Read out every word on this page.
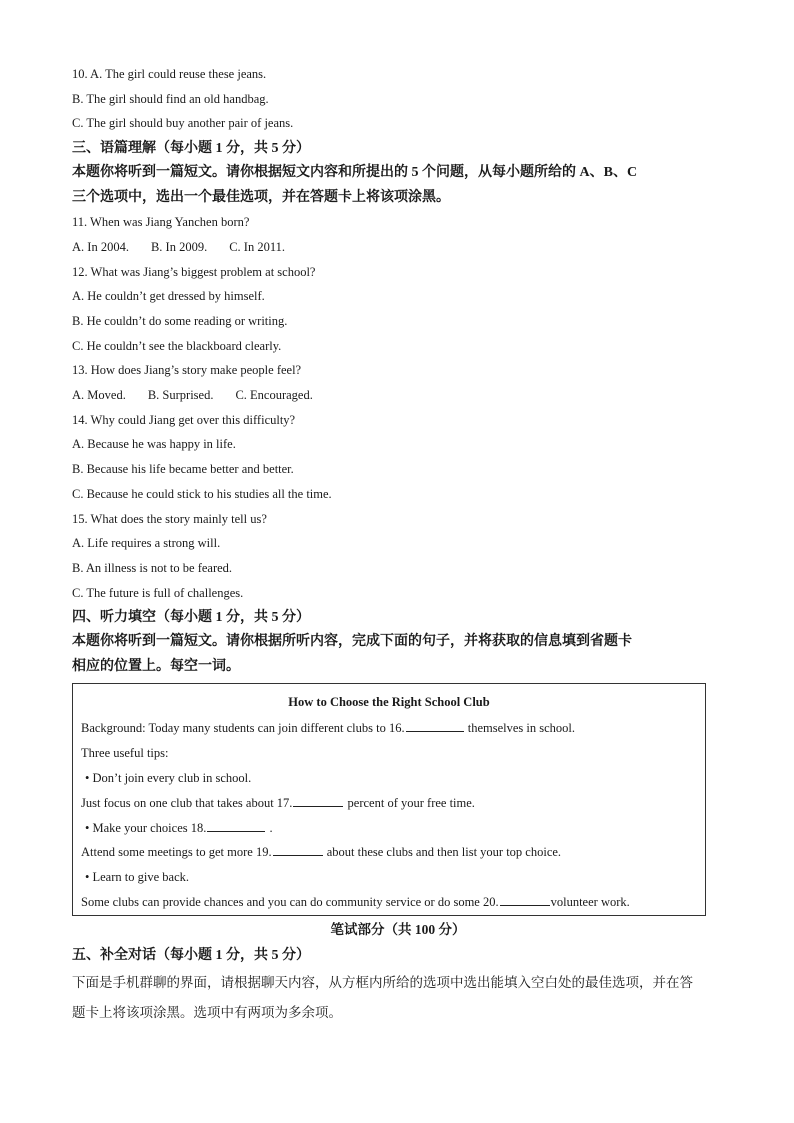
10. A. The girl could reuse these jeans.
B. The girl should find an old handbag.
C. The girl should buy another pair of jeans.
三、语篇理解（每小题 1 分，共 5 分）
本题你将听到一篇短文。请你根据短文内容和所提出的 5 个问题，从每小题所给的 A、B、C
三个选项中，选出一个最佳选项，并在答题卡上将该项涂黑。
11. When was Jiang Yanchen born?
A. In 2004. B. In 2009. C. In 2011.
12. What was Jiang’s biggest problem at school?
A. He couldn’t get dressed by himself.
B. He couldn’t do some reading or writing.
C. He couldn’t see the blackboard clearly.
13. How does Jiang’s story make people feel?
A. Moved. B. Surprised. C. Encouraged.
14. Why could Jiang get over this difficulty?
A. Because he was happy in life.
B. Because his life became better and better.
C. Because he could stick to his studies all the time.
15. What does the story mainly tell us?
A. Life requires a strong will.
B. An illness is not to be feared.
C. The future is full of challenges.
四、听力填空（每小题 1 分，共 5 分）
本题你将听到一篇短文。请你根据所听内容，完成下面的句子，并将获取的信息填到省题卡
相应的位置上。每空一词。
How to Choose the Right School Club
Background: Today many students can join different clubs to 16.	themselves in school.
Three useful tips:
• Don’t join every club in school.
Just focus on one club that takes about 17.	percent of your free time.
• Make your choices 18.	.
Attend some meetings to get more 19.	about these clubs and then list your top choice.
• Learn to give back.
Some clubs can provide chances and you can do community service or do some 20.	volunteer work.
笔试部分（共 100 分）
五、补全对话（每小题 1 分，共 5 分）
下面是手机群聊的界面，请根据聊天内容，从方框内所给的选项中选出能填入空白处的最佳选项，并在答
题卡上将该项涂黑。选项中有两项为多余项。
